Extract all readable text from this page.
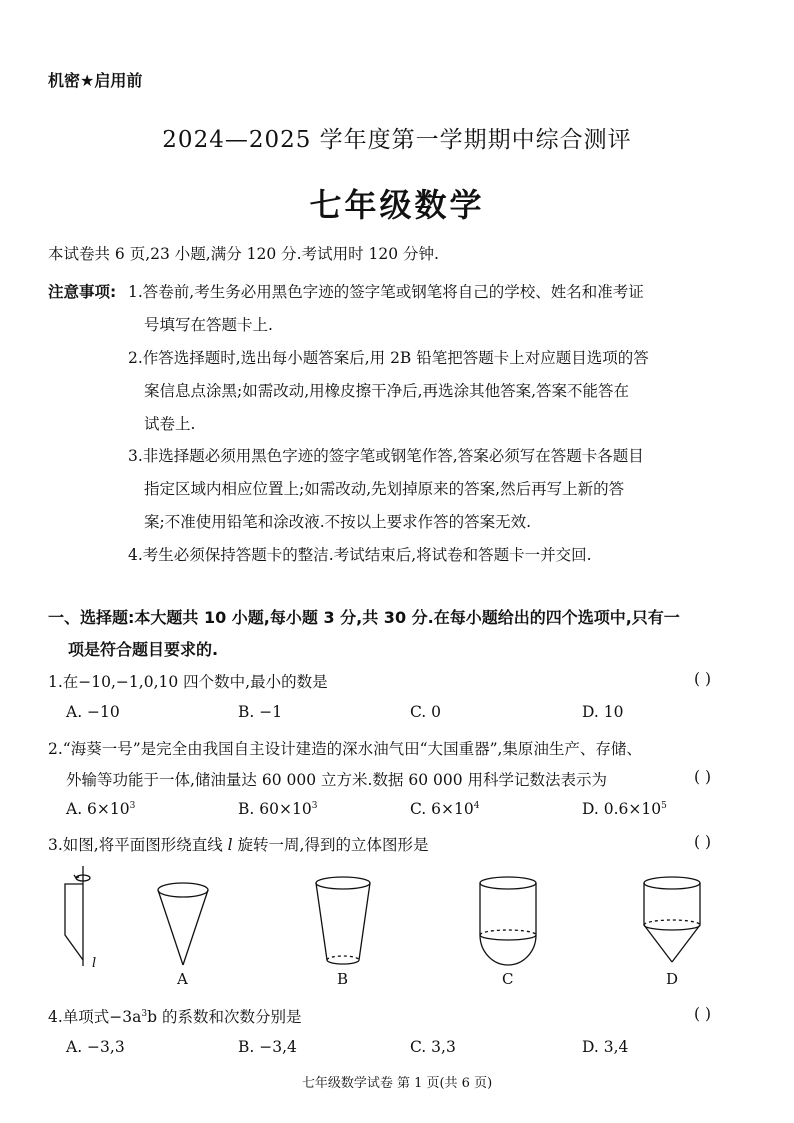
机密★启用前
2024—2025 学年度第一学期期中综合测评
七年级数学
本试卷共 6 页,23 小题,满分 120 分.考试用时 120 分钟.
注意事项: 1.答卷前,考生务必用黑色字迹的签字笔或钢笔将自己的学校、姓名和准考证
号填写在答题卡上.
2.作答选择题时,选出每小题答案后,用 2B 铅笔把答题卡上对应题目选项的答
案信息点涂黑;如需改动,用橡皮擦干净后,再选涂其他答案,答案不能答在
试卷上.
3.非选择题必须用黑色字迹的签字笔或钢笔作答,答案必须写在答题卡各题目
指定区域内相应位置上;如需改动,先划掉原来的答案,然后再写上新的答
案;不准使用铅笔和涂改液.不按以上要求作答的答案无效.
4.考生必须保持答题卡的整洁.考试结束后,将试卷和答题卡一并交回.
一、选择题:本大题共 10 小题,每小题 3 分,共 30 分.在每小题给出的四个选项中,只有一
项是符合题目要求的.
1.在−10,−1,0,10 四个数中,最小的数是	( )
A. −10	B. −1	C. 0	D. 10
2.“海葵一号”是完全由我国自主设计建造的深水油气田“大国重器”,集原油生产、存储、
外输等功能于一体,储油量达 60 000 立方米.数据 60 000 用科学记数法表示为	( )
A. $6\times 10^3$	B. $60\times 10^3$	C. $6\times 10^4$	D. $0.6\times 10^5$
3.如图,将平面图形绕直线 l 旋转一周,得到的立体图形是	( )
l
A	B	C	D
4.单项式$-3a^3b$ 的系数和次数分别是	( )
A. −3,3	B. −3,4	C. 3,3	D. 3,4
七年级数学试卷 第 1 页(共 6 页)
